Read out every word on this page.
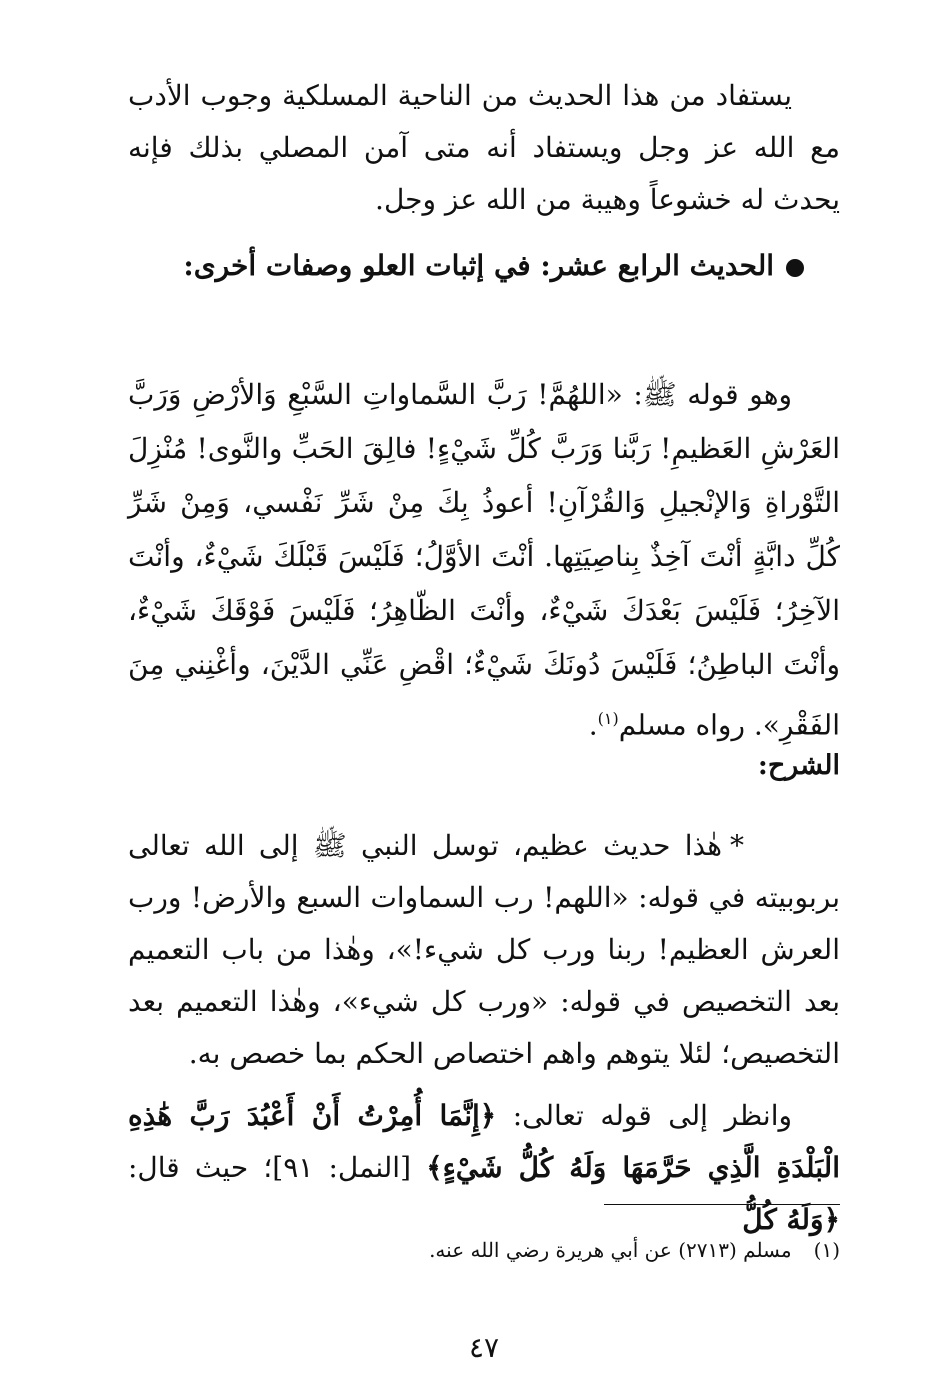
يستفاد من هذا الحديث من الناحية المسلكية وجوب الأدب مع الله عز وجل ويستفاد أنه متى آمن المصلي بذلك فإنه يحدث له خشوعاً وهيبة من الله عز وجل.

الحديث الرابع عشر: في إثبات العلو وصفات أخرى:

وهو قوله ﷺ: «اللهُمَّ! رَبَّ السَّماواتِ السَّبْعِ وَالأرْضِ وَرَبَّ العَرْشِ العَظيمِ! رَبَّنا وَرَبَّ كُلِّ شَيْءٍ! فالِقَ الحَبِّ والنَّوى! مُنْزِلَ التَّوْراةِ وَالإنْجيلِ وَالقُرْآنِ! أعوذُ بِكَ مِنْ شَرِّ نَفْسي، وَمِنْ شَرِّ كُلِّ دابَّةٍ أنْتَ آخِذٌ بِناصِيَتِها. أنْتَ الأوَّلُ؛ فَلَيْسَ قَبْلَكَ شَيْءٌ، وأنْتَ الآخِرُ؛ فَلَيْسَ بَعْدَكَ شَيْءٌ، وأنْتَ الظّاهِرُ؛ فَلَيْسَ فَوْقَكَ شَيْءٌ، وأنْتَ الباطِنُ؛ فَلَيْسَ دُونَكَ شَيْءٌ؛ اقْضِ عَنِّي الدَّيْنَ، وأغْنِني مِنَ الفَقْرِ». رواه مسلم$^{(١)}$.

الشرح:

*هٰذا حديث عظيم، توسل النبي ﷺ إلى الله تعالى بربوبيته في قوله: «اللهم! رب السماوات السبع والأرض! ورب العرش العظيم! ربنا ورب كل شيء!»، وهٰذا من باب التعميم بعد التخصيص في قوله: «ورب كل شيء»، وهٰذا التعميم بعد التخصيص؛ لئلا يتوهم واهم اختصاص الحكم بما خصص به.

وانظر إلى قوله تعالى: ﴿إِنَّمَا أُمِرْتُ أَنْ أَعْبُدَ رَبَّ هَٰذِهِ الْبَلْدَةِ الَّذِي حَرَّمَهَا وَلَهُ كُلُّ شَيْءٍ﴾ [النمل: ٩١]؛ حيث قال: ﴿وَلَهُ كُلُّ

(١)مسلم (٢٧١٣) عن أبي هريرة رضي الله عنه.
٤٧
